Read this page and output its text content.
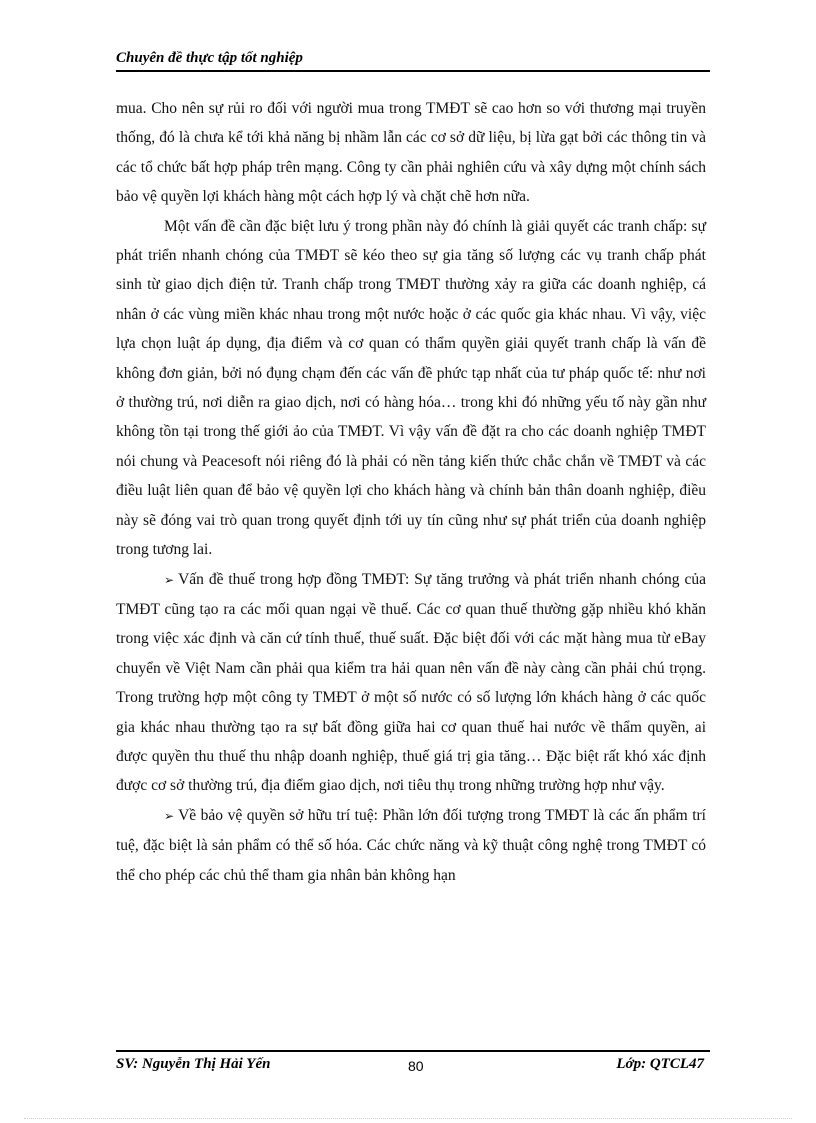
Chuyên đề thực tập tốt nghiệp

mua. Cho nên sự rủi ro đối với người mua trong TMĐT sẽ cao hơn so với thương mại truyền thống, đó là chưa kể tới khả năng bị nhầm lẫn các cơ sở dữ liệu, bị lừa gạt bởi các thông tin và các tổ chức bất hợp pháp trên mạng. Công ty cần phải nghiên cứu và xây dựng một chính sách bảo vệ quyền lợi khách hàng một cách hợp lý và chặt chẽ hơn nữa.

Một vấn đề cần đặc biệt lưu ý trong phần này đó chính là giải quyết các tranh chấp: sự phát triển nhanh chóng của TMĐT sẽ kéo theo sự gia tăng số lượng các vụ tranh chấp phát sinh từ giao dịch điện tử. Tranh chấp trong TMĐT thường xảy ra giữa các doanh nghiệp, cá nhân ở các vùng miền khác nhau trong một nước hoặc ở các quốc gia khác nhau. Vì vậy, việc lựa chọn luật áp dụng, địa điểm và cơ quan có thẩm quyền giải quyết tranh chấp là vấn đề không đơn giản, bởi nó đụng chạm đến các vấn đề phức tạp nhất của tư pháp quốc tế: như nơi ở thường trú, nơi diễn ra giao dịch, nơi có hàng hóa… trong khi đó những yếu tố này gần như không tồn tại trong thế giới ảo của TMĐT. Vì vậy vấn đề đặt ra cho các doanh nghiệp TMĐT nói chung và Peacesoft nói riêng đó là phải có nền tảng kiến thức chắc chắn về TMĐT và các điều luật liên quan để bảo vệ quyền lợi cho khách hàng và chính bản thân doanh nghiệp, điều này sẽ đóng vai trò quan trong quyết định tới uy tín cũng như sự phát triển của doanh nghiệp trong tương lai.

➢ Vấn đề thuế trong hợp đồng TMĐT: Sự tăng trưởng và phát triển nhanh chóng của TMĐT cũng tạo ra các mối quan ngại về thuế. Các cơ quan thuế thường gặp nhiều khó khăn trong việc xác định và căn cứ tính thuế, thuế suất. Đặc biệt đối với các mặt hàng mua từ eBay chuyển về Việt Nam cần phải qua kiểm tra hải quan nên vấn đề này càng cần phải chú trọng. Trong trường hợp một công ty TMĐT ở một số nước có số lượng lớn khách hàng ở các quốc gia khác nhau thường tạo ra sự bất đồng giữa hai cơ quan thuế hai nước về thẩm quyền, ai được quyền thu thuế thu nhập doanh nghiệp, thuế giá trị gia tăng… Đặc biệt rất khó xác định được cơ sở thường trú, địa điểm giao dịch, nơi tiêu thụ trong những trường hợp như vậy.

➢ Về bảo vệ quyền sở hữu trí tuệ: Phần lớn đối tượng trong TMĐT là các ấn phẩm trí tuệ, đặc biệt là sản phẩm có thể số hóa. Các chức năng và kỹ thuật công nghệ trong TMĐT có thể cho phép các chủ thể tham gia nhân bản không hạn

SV: Nguyễn Thị Hải Yến	80	Lớp: QTCL47
